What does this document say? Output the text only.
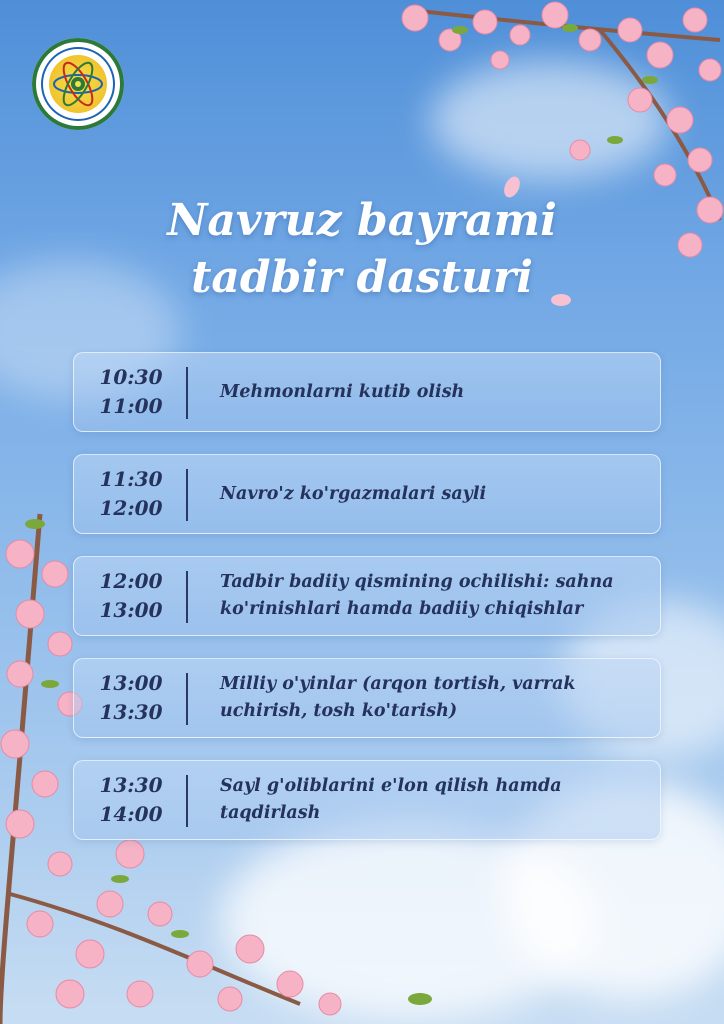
Navruz bayrami
tadbir dasturi
10:30
11:00
Mehmonlarni kutib olish
11:30
12:00
Navro'z ko'rgazmalari sayli
12:00
13:00
Tadbir badiiy qismining ochilishi: sahna ko'rinishlari hamda badiiy chiqishlar
13:00
13:30
Milliy o'yinlar (arqon tortish, varrak uchirish, tosh ko'tarish)
13:30
14:00
Sayl g'oliblarini e'lon qilish hamda taqdirlash
